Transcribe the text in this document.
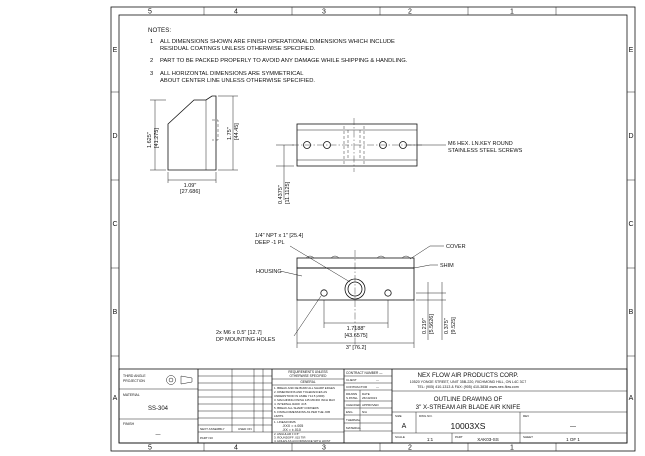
5	4	3	2	1
5	4	3	2	1
E
D
C
B
A
E
D
C
B
A
NOTES:
1 ALL DIMENSIONS SHOWN ARE FINISH OPERATIONAL DIMENSIONS WHICH INCLUDE
RESIDUAL COATINGS UNLESS OTHERWISE SPECIFIED.
2 PART TO BE PACKED PROPERLY TO AVOID ANY DAMAGE WHILE SHIPPING & HANDLING.
3 ALL HORIZONTAL DIMENSIONS ARE SYMMETRICAL
ABOUT CENTER LINE UNLESS OTHERWISE SPECIFIED.
1.625" [41.275]	1.75" [44.45]
1.09"
[27.686]
M6 HEX. LN.KEY ROUND
STAINLESS STEEL SCREWS
0.4375" [11.1125]
1/4" NPT x 1" [25.4]
DEEP -1 PL
COVER
SHIM
HOUSING
1.7188"
[43.6575]
3" [76.2]
0.219" [5.5626] 0.375" [9.525]
2x M6 x 0.5" [12.7]
DP MOUNTING HOLES
THIRD ANGLE
PROJECTION
MATERIAL
SS-304
FINISH
—
REQUIREMENTS UNLESS
OTHERWISE SPECIFIED
GENERAL
1. BREAK AND DE BURR ALL SHARP EDGES
2. DIMENSIONS AND TOLERANCES AS
UNDERSTOOD IN ASME Y14.5 (2009)
3. MACHINING FINISH 125 MICRO INCH MAX
4. INTERNAL RADII .015
5. BREAK ALL SHARP CORNERS
6. FINISH DIMENSIONS AS PER THE JOB
LIMITS
1. LINEAR DIMS
.XXX = ±.005
.XX = ±.010
2. ANGULAR ± 0.5°
3. ROUNDOFF .015 TIR
4. HOLES AS ACCORDANCE WITH HOIST
NEXT ASSEMBLY	USED ON
PART NO
CONTRACT NUMBER —
CLIENT	—
CONTRACTOR	—
DRAWN
S.PATEL
DATE
26/10/2013
CHECKED APPROVED
ENG.	N/A
THERMAL
MATERIAL
NEX FLOW AIR PRODUCTS CORP.
10520 YONGE STREET, UNIT 35B-220, RICHMOND HILL, ON L4C 3C7
TEL: (905) 410-1313 & FAX: (905) 410-3838 www.nex-flow.com
OUTLINE DRAWING OF
3" X-STREAM AIR BLADE AIR KNIFE
SIZE
A
DWG NO.
10003XS
REV
—
SCALE	1:1	PART	XAK03-SS	SHEET	1 OF 1
